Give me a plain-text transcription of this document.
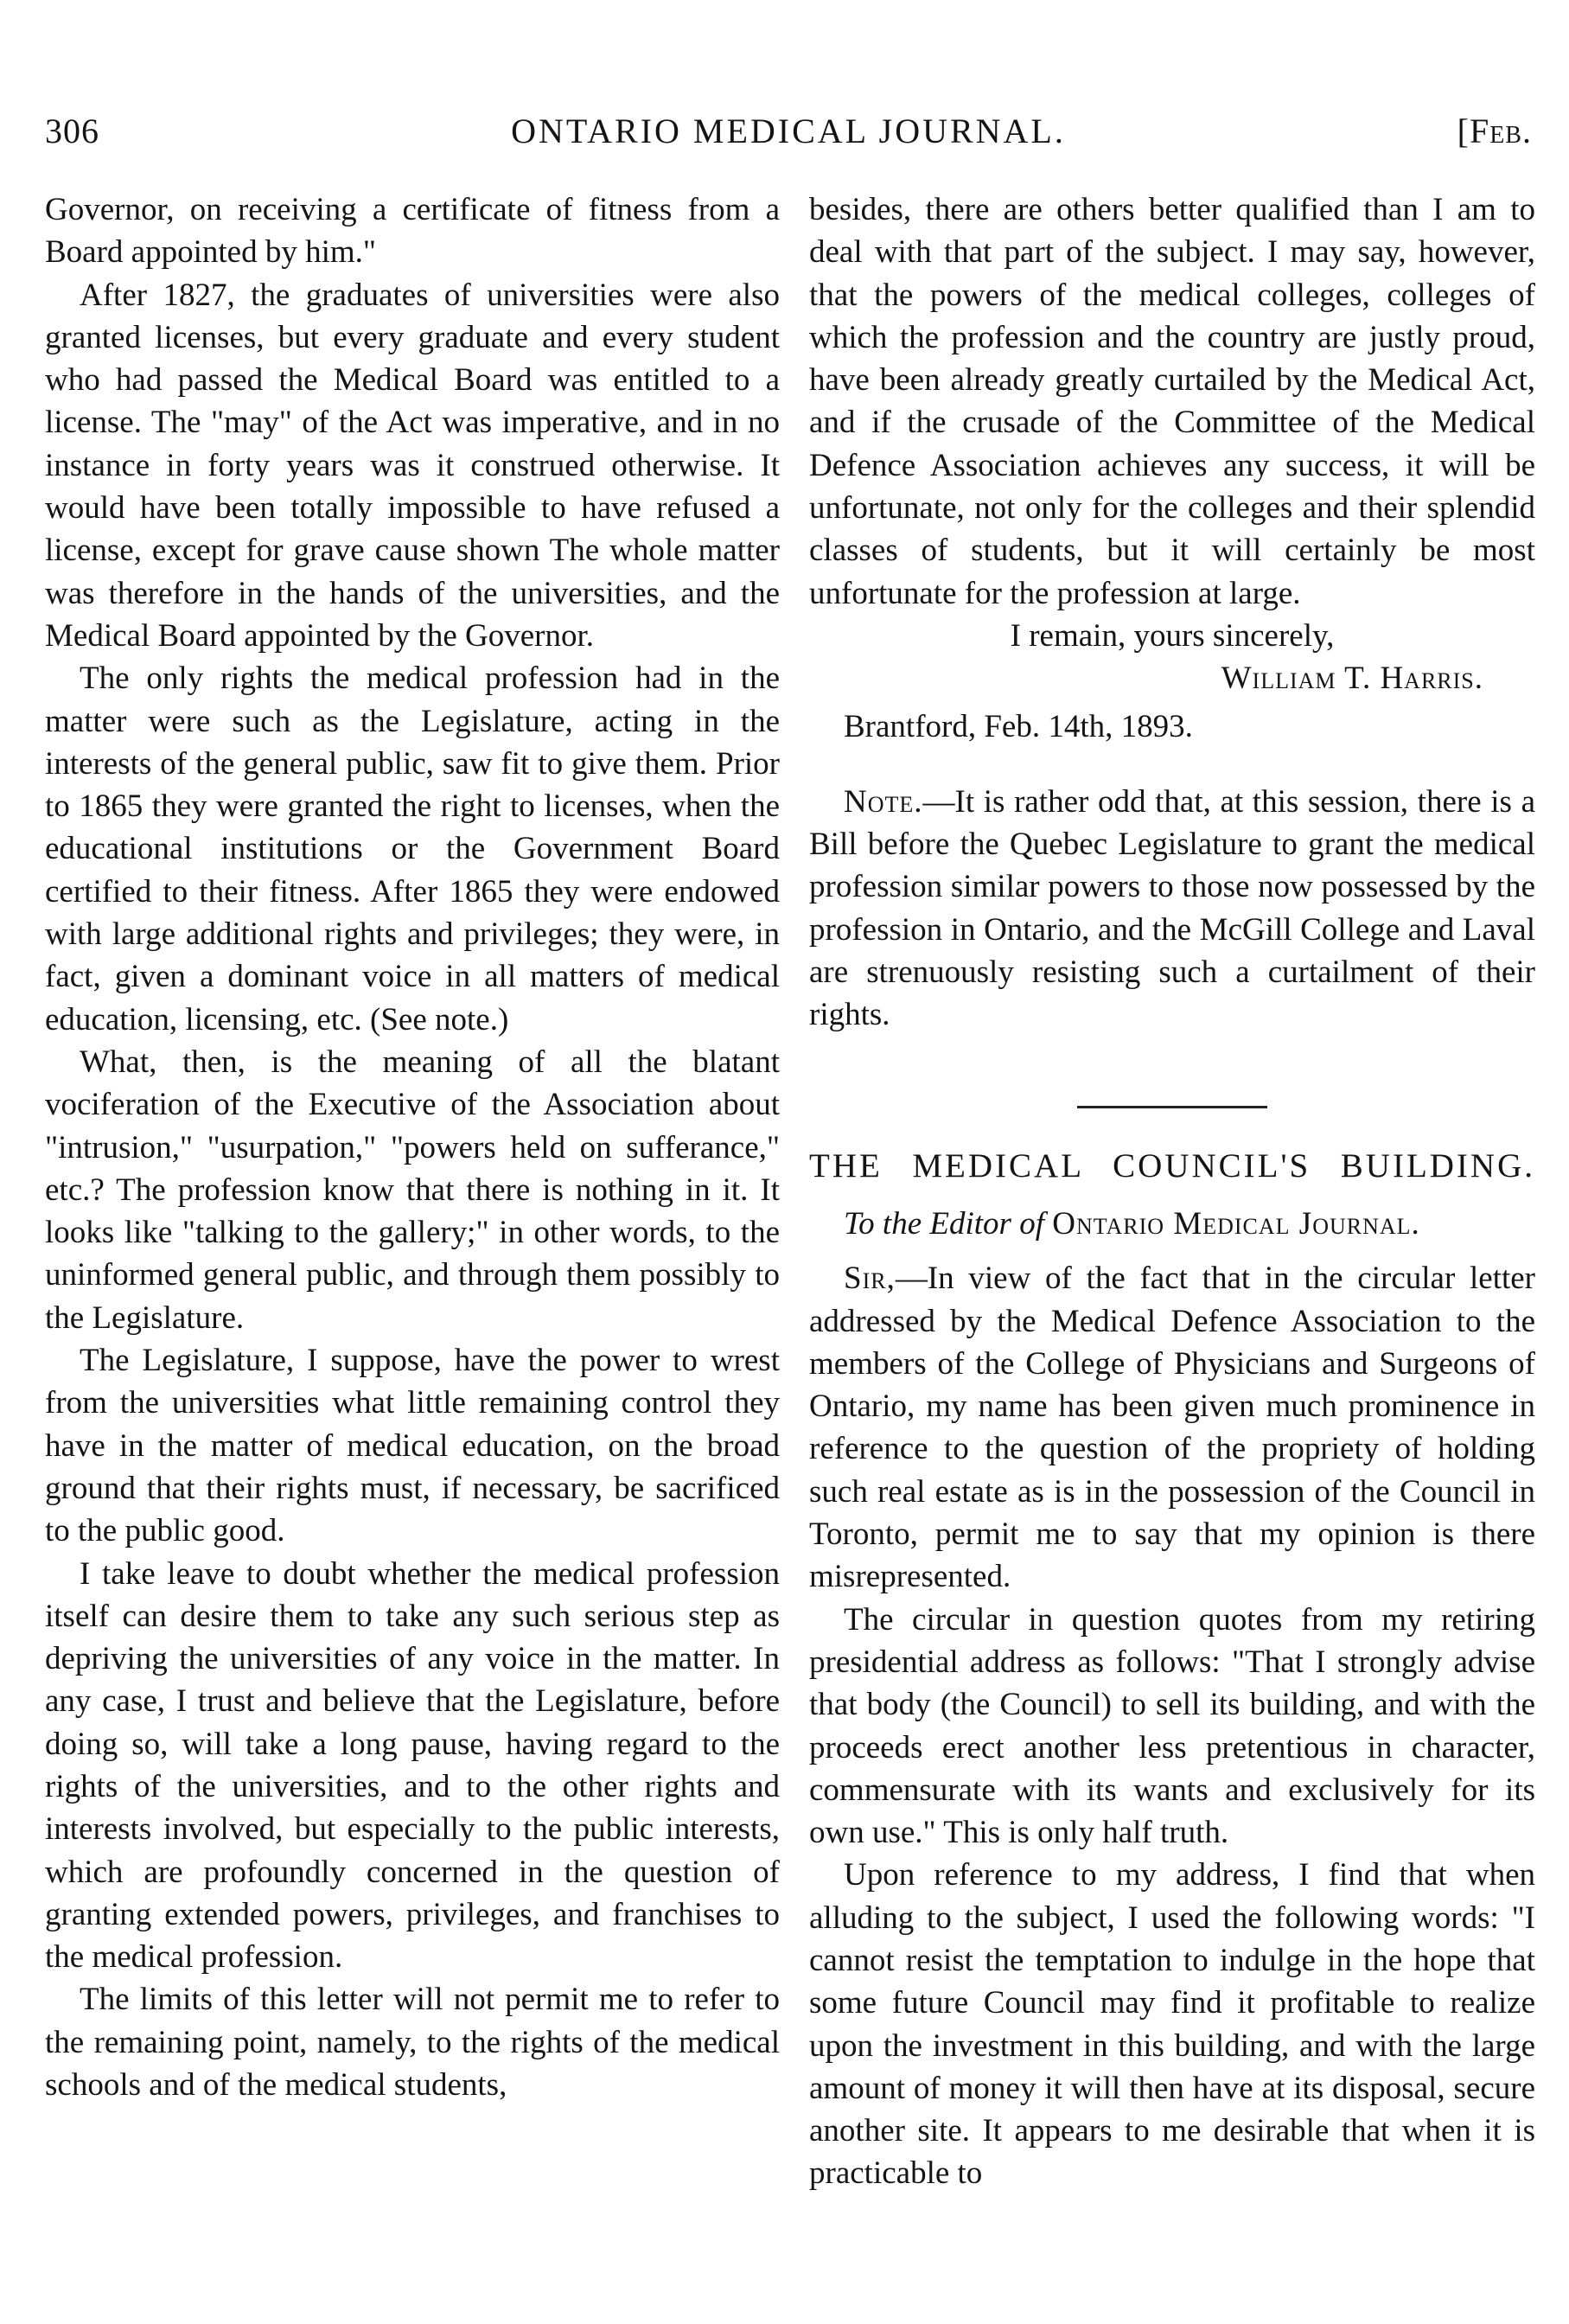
306	ONTARIO MEDICAL JOURNAL.	[Feb.

Governor, on receiving a certificate of fitness from a Board appointed by him."

After 1827, the graduates of universities were also granted licenses, but every graduate and every student who had passed the Medical Board was entitled to a license. The "may" of the Act was imperative, and in no instance in forty years was it construed otherwise. It would have been totally impossible to have refused a license, except for grave cause shown The whole matter was therefore in the hands of the universities, and the Medical Board appointed by the Governor.

The only rights the medical profession had in the matter were such as the Legislature, acting in the interests of the general public, saw fit to give them. Prior to 1865 they were granted the right to licenses, when the educational institutions or the Government Board certified to their fitness. After 1865 they were endowed with large additional rights and privileges; they were, in fact, given a dominant voice in all matters of medical education, licensing, etc. (See note.)

What, then, is the meaning of all the blatant vociferation of the Executive of the Association about "intrusion," "usurpation," "powers held on sufferance," etc.? The profession know that there is nothing in it. It looks like "talking to the gallery;" in other words, to the uninformed general public, and through them possibly to the Legislature.

The Legislature, I suppose, have the power to wrest from the universities what little remaining control they have in the matter of medical education, on the broad ground that their rights must, if necessary, be sacrificed to the public good.

I take leave to doubt whether the medical profession itself can desire them to take any such serious step as depriving the universities of any voice in the matter. In any case, I trust and believe that the Legislature, before doing so, will take a long pause, having regard to the rights of the universities, and to the other rights and interests involved, but especially to the public interests, which are profoundly concerned in the question of granting extended powers, privileges, and franchises to the medical profession.

The limits of this letter will not permit me to refer to the remaining point, namely, to the rights of the medical schools and of the medical students,

besides, there are others better qualified than I am to deal with that part of the subject. I may say, however, that the powers of the medical colleges, colleges of which the profession and the country are justly proud, have been already greatly curtailed by the Medical Act, and if the crusade of the Committee of the Medical Defence Association achieves any success, it will be unfortunate, not only for the colleges and their splendid classes of students, but it will certainly be most unfortunate for the profession at large.

I remain, yours sincerely,

William T. Harris.

Brantford, Feb. 14th, 1893.

Note.—It is rather odd that, at this session, there is a Bill before the Quebec Legislature to grant the medical profession similar powers to those now possessed by the profession in Ontario, and the McGill College and Laval are strenuously resisting such a curtailment of their rights.

THE MEDICAL COUNCIL'S BUILDING.

To the Editor of Ontario Medical Journal.

Sir,—In view of the fact that in the circular letter addressed by the Medical Defence Association to the members of the College of Physicians and Surgeons of Ontario, my name has been given much prominence in reference to the question of the propriety of holding such real estate as is in the possession of the Council in Toronto, permit me to say that my opinion is there misrepresented.

The circular in question quotes from my retiring presidential address as follows: "That I strongly advise that body (the Council) to sell its building, and with the proceeds erect another less pretentious in character, commensurate with its wants and exclusively for its own use." This is only half truth.

Upon reference to my address, I find that when alluding to the subject, I used the following words: "I cannot resist the temptation to indulge in the hope that some future Council may find it profitable to realize upon the investment in this building, and with the large amount of money it will then have at its disposal, secure another site. It appears to me desirable that when it is practicable to
